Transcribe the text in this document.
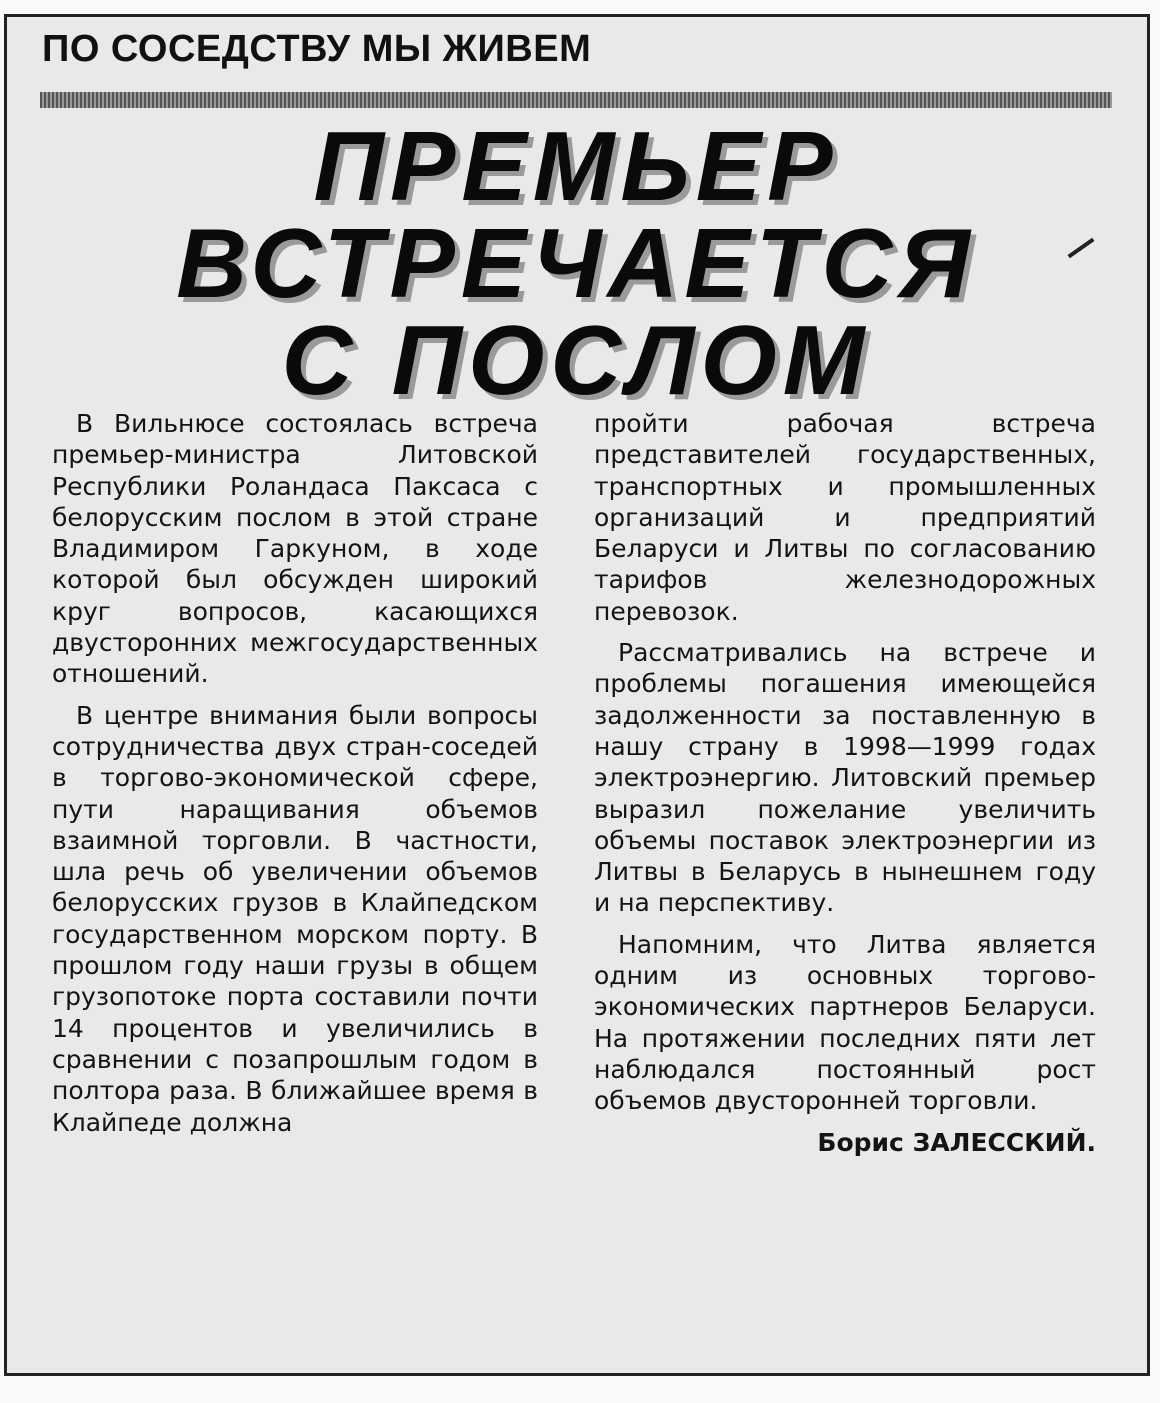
ПО СОСЕДСТВУ МЫ ЖИВЕМ
ПРЕМЬЕР
ВСТРЕЧАЕТСЯ
С ПОСЛОМ

В Вильнюсе состоялась встреча премьер-министра Литовской Республики Роландаса Паксаса с белорусским послом в этой стране Владимиром Гаркуном, в ходе которой был обсужден широкий круг вопросов, касающихся двусторонних межгосударственных отношений.

В центре внимания были вопросы сотрудничества двух стран-соседей в торгово-экономической сфере, пути наращивания объемов взаимной торговли. В частности, шла речь об увеличении объемов белорусских грузов в Клайпедском государственном морском порту. В прошлом году наши грузы в общем грузопотоке порта составили почти 14 процентов и увеличились в сравнении с позапрошлым годом в полтора раза. В ближайшее время в Клайпеде должна

пройти рабочая встреча представителей государственных, транспортных и промышленных организаций и предприятий Беларуси и Литвы по согласованию тарифов железнодорожных перевозок.

Рассматривались на встрече и проблемы погашения имеющейся задолженности за поставленную в нашу страну в 1998—1999 годах электроэнергию. Литовский премьер выразил пожелание увеличить объемы поставок электроэнергии из Литвы в Беларусь в нынешнем году и на перспективу.

Напомним, что Литва является одним из основных торгово-экономических партнеров Беларуси. На протяжении последних пяти лет наблюдался постоянный рост объемов двусторонней торговли.

Борис ЗАЛЕССКИЙ.
